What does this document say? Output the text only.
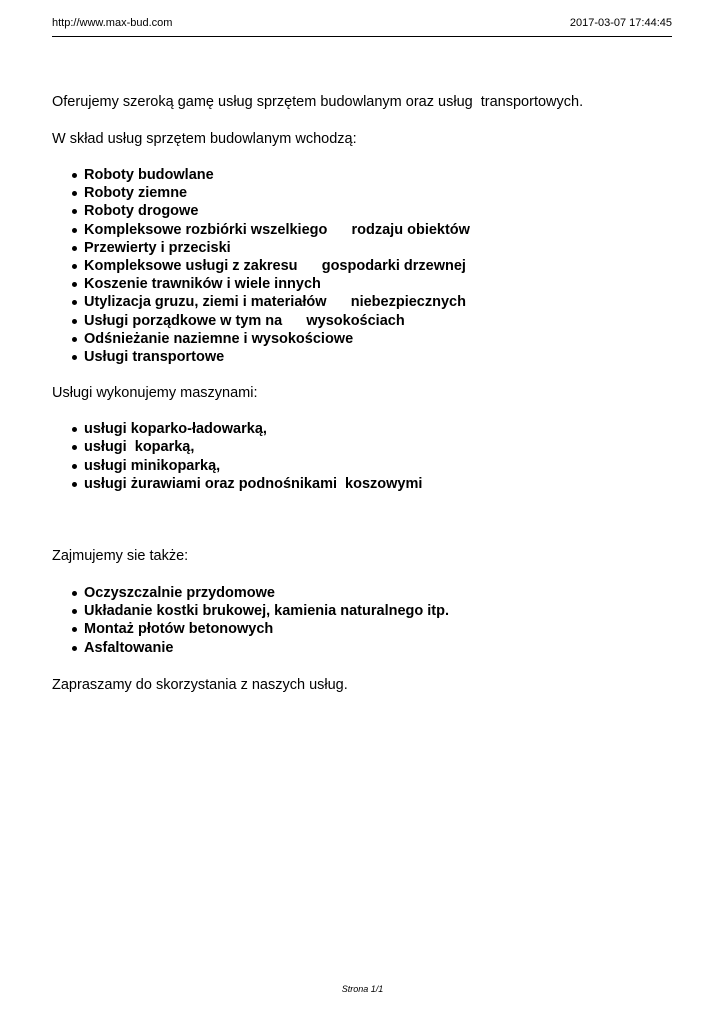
http://www.max-bud.com	2017-03-07 17:44:45

Oferujemy szeroką gamę usług sprzętem budowlanym oraz usług  transportowych.

W skład usług sprzętem budowlanym wchodzą:

Roboty budowlane
Roboty ziemne
Roboty drogowe
Kompleksowe rozbiórki wszelkiego      rodzaju obiektów
Przewierty i przeciski
Kompleksowe usługi z zakresu      gospodarki drzewnej
Koszenie trawników i wiele innych
Utylizacja gruzu, ziemi i materiałów      niebezpiecznych
Usługi porządkowe w tym na      wysokościach
Odśnieżanie naziemne i wysokościowe
Usługi transportowe

Usługi wykonujemy maszynami:

usługi koparko-ładowarką,
usługi  koparką,
usługi minikoparką,
usługi żurawiami oraz podnośnikami  koszowymi

Zajmujemy sie także:

Oczyszczalnie przydomowe
Układanie kostki brukowej, kamienia naturalnego itp.
Montaż płotów betonowych
Asfaltowanie

Zapraszamy do skorzystania z naszych usług.

Strona 1/1
